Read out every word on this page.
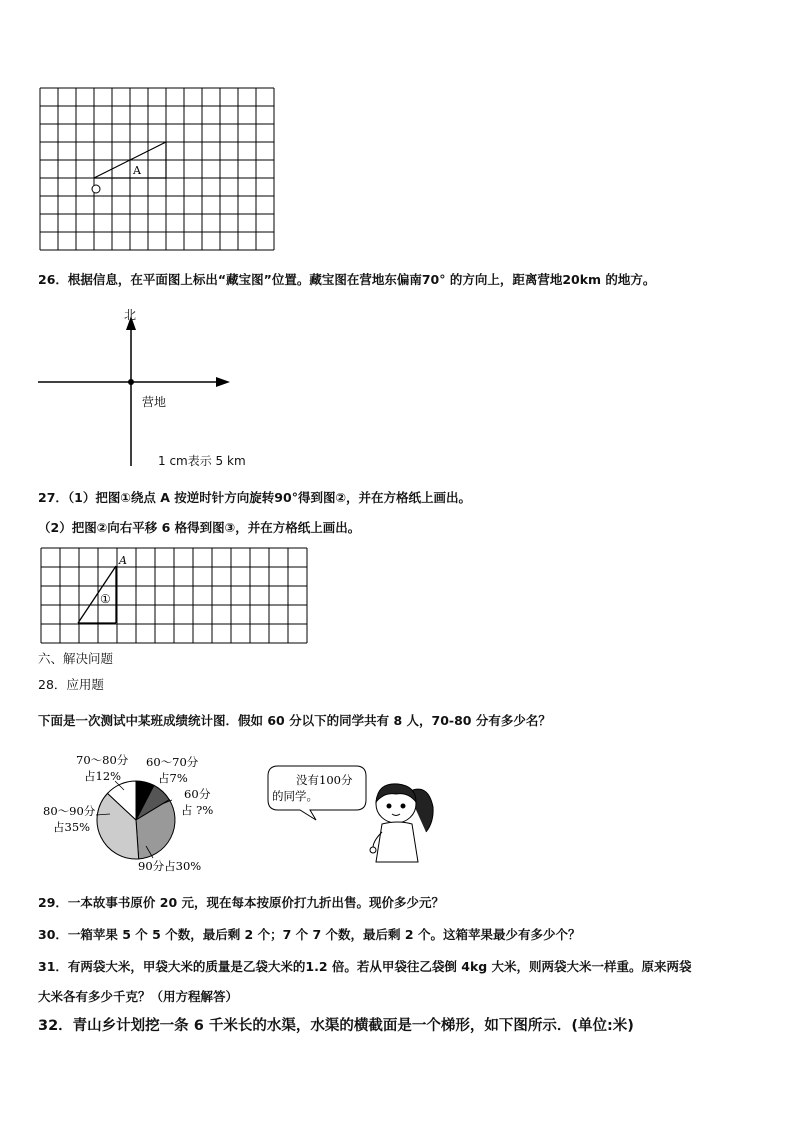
A
26．根据信息，在平面图上标出“藏宝图”位置。藏宝图在营地东偏南70° 的方向上，距离营地20km 的地方。
北
营地
1 cm表示 5 km
27．（1）把图①绕点 A 按逆时针方向旋转90°得到图②，并在方格纸上画出。
（2）把图②向右平移 6 格得到图③，并在方格纸上画出。
A
①
六、解决问题
28．应用题
下面是一次测试中某班成绩统计图．假如 60 分以下的同学共有 8 人，70-80 分有多少名？
70～80分
占12%
60～70分
占7%
60 分
占 ?%
80～90分
占35%
90分占30%
没有100分
的同学。
29．一本故事书原价 20 元，现在每本按原价打九折出售。现价多少元？
30．一箱苹果 5 个 5 个数，最后剩 2 个；7 个 7 个数，最后剩 2 个。这箱苹果最少有多少个？
31．有两袋大米，甲袋大米的质量是乙袋大米的1.2 倍。若从甲袋往乙袋倒 4kg 大米，则两袋大米一样重。原来两袋
大米各有多少千克？（用方程解答）
32．青山乡计划挖一条 6 千米长的水渠，水渠的横截面是一个梯形，如下图所示．(单位:米)
